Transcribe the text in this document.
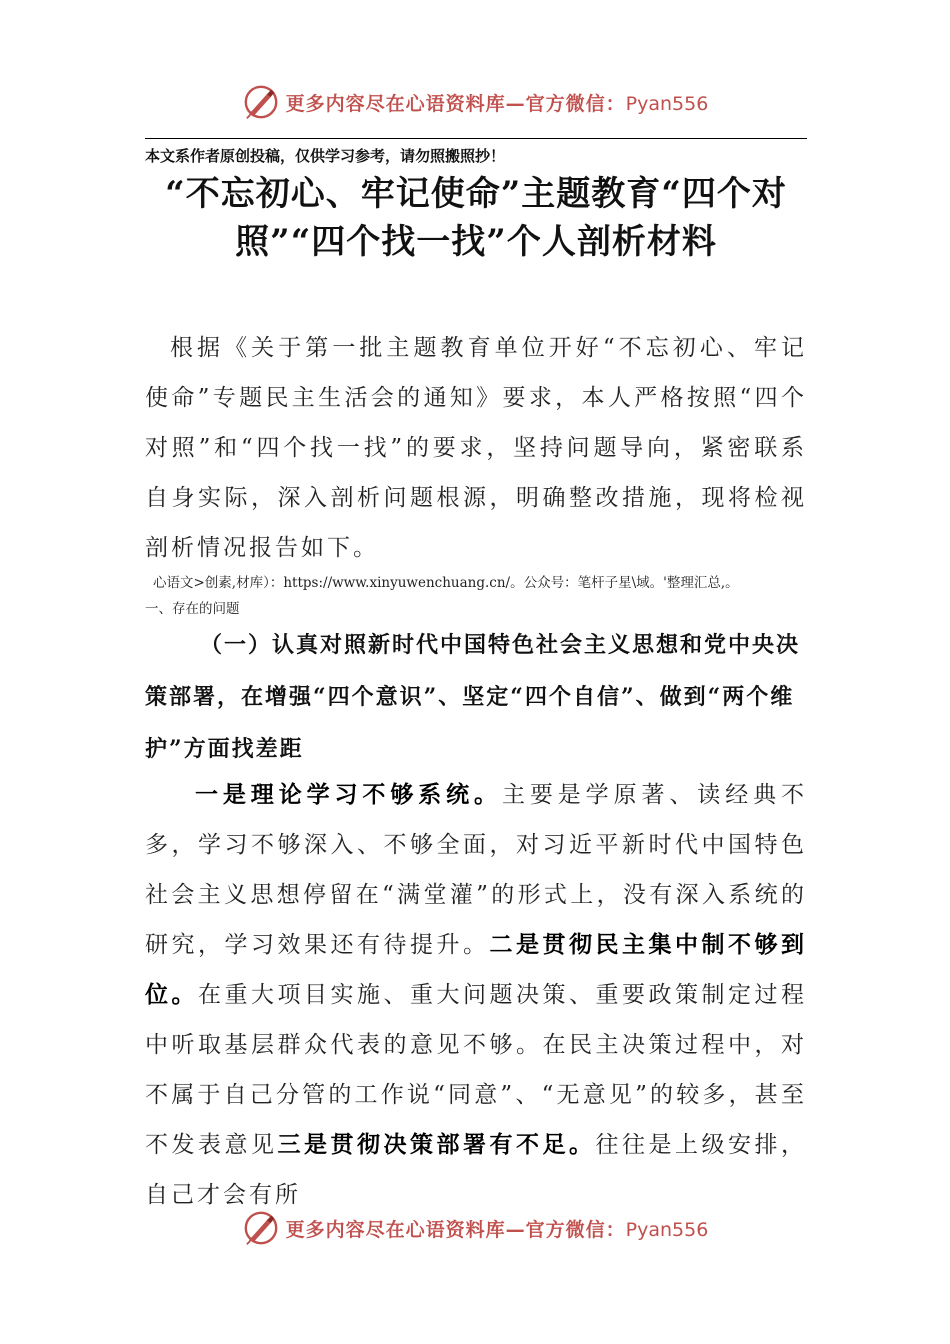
更多内容尽在心语资料库—官方微信：Pyan556
本文系作者原创投稿，仅供学习参考，请勿照搬照抄！
“不忘初心、牢记使命”主题教育“四个对照”“四个找一找”个人剖析材料
根据《关于第一批主题教育单位开好“不忘初心、牢记使命”专题民主生活会的通知》要求，本人严格按照“四个对照”和“四个找一找”的要求，坚持问题导向，紧密联系自身实际，深入剖析问题根源，明确整改措施，现将检视剖析情况报告如下。
心语文>创素,材库）：https://www.xinyuwenchuang.cn/。公众号：笔杆子星\域。'整理汇总,。
一、存在的问题
（一）认真对照新时代中国特色社会主义思想和党中央决策部署，在增强“四个意识”、坚定“四个自信”、做到“两个维护”方面找差距
一是理论学习不够系统。主要是学原著、读经典不多，学习不够深入、不够全面，对习近平新时代中国特色社会主义思想停留在“满堂灌”的形式上，没有深入系统的研究，学习效果还有待提升。二是贯彻民主集中制不够到位。在重大项目实施、重大问题决策、重要政策制定过程中听取基层群众代表的意见不够。在民主决策过程中，对不属于自己分管的工作说“同意”、“无意见”的较多，甚至不发表意见三是贯彻决策部署有不足。往往是上级安排，自己才会有所
更多内容尽在心语资料库—官方微信：Pyan556
